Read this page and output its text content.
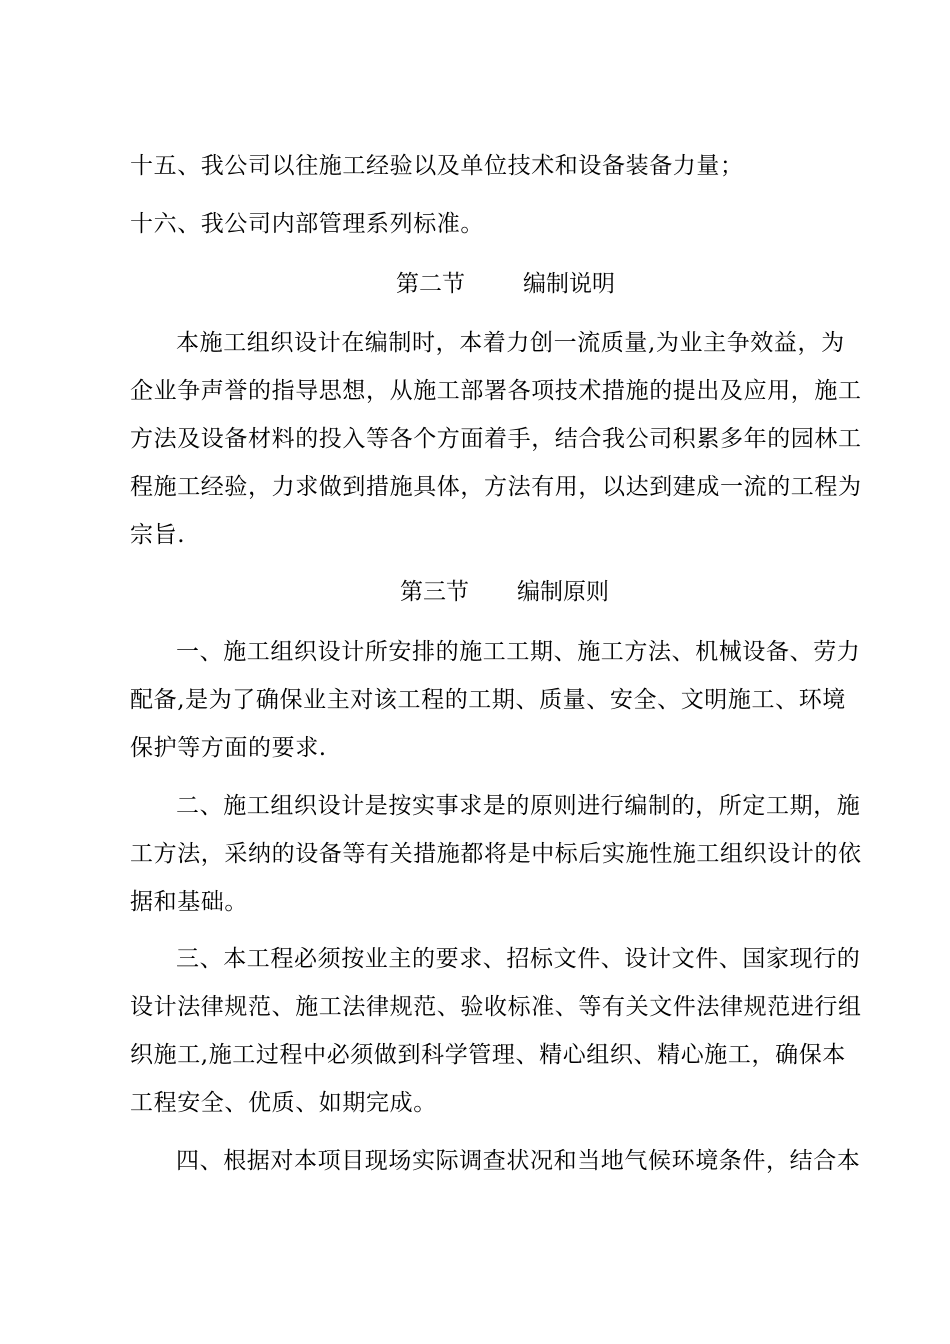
十五、我公司以往施工经验以及单位技术和设备装备力量；
十六、我公司内部管理系列标准。
第二节	编制说明
本施工组织设计在编制时，本着力创一流质量,为业主争效益，为
企业争声誉的指导思想，从施工部署各项技术措施的提出及应用，施工
方法及设备材料的投入等各个方面着手，结合我公司积累多年的园林工
程施工经验，力求做到措施具体，方法有用，以达到建成一流的工程为
宗旨.
第三节 编制原则
一、施工组织设计所安排的施工工期、施工方法、机械设备、劳力
配备,是为了确保业主对该工程的工期、质量、安全、文明施工、环境
保护等方面的要求.
二、施工组织设计是按实事求是的原则进行编制的，所定工期，施
工方法，采纳的设备等有关措施都将是中标后实施性施工组织设计的依
据和基础。
三、本工程必须按业主的要求、招标文件、设计文件、国家现行的
设计法律规范、施工法律规范、验收标准、等有关文件法律规范进行组
织施工,施工过程中必须做到科学管理、精心组织、精心施工，确保本
工程安全、优质、如期完成。
四、根据对本项目现场实际调查状况和当地气候环境条件，结合本
